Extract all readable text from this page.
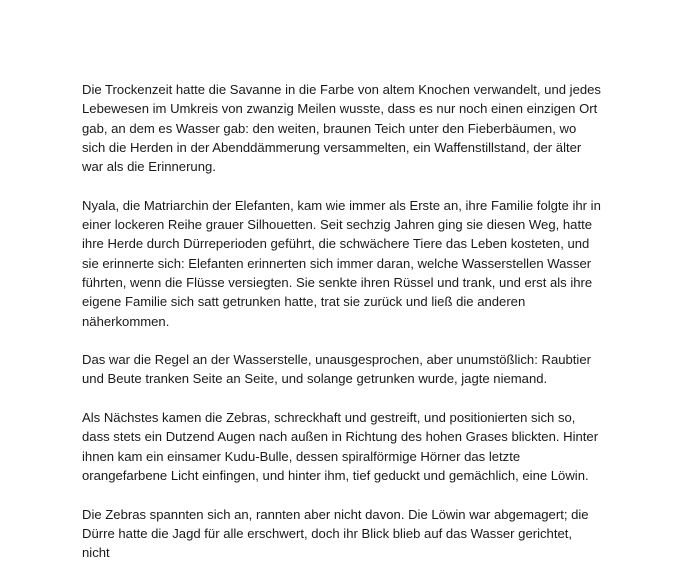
Die Trockenzeit hatte die Savanne in die Farbe von altem Knochen verwandelt, und jedes Lebewesen im Umkreis von zwanzig Meilen wusste, dass es nur noch einen einzigen Ort gab, an dem es Wasser gab: den weiten, braunen Teich unter den Fieberbäumen, wo sich die Herden in der Abenddämmerung versammelten, ein Waffenstillstand, der älter war als die Erinnerung.

Nyala, die Matriarchin der Elefanten, kam wie immer als Erste an, ihre Familie folgte ihr in einer lockeren Reihe grauer Silhouetten. Seit sechzig Jahren ging sie diesen Weg, hatte ihre Herde durch Dürreperioden geführt, die schwächere Tiere das Leben kosteten, und sie erinnerte sich: Elefanten erinnerten sich immer daran, welche Wasserstellen Wasser führten, wenn die Flüsse versiegten. Sie senkte ihren Rüssel und trank, und erst als ihre eigene Familie sich satt getrunken hatte, trat sie zurück und ließ die anderen näherkommen.

Das war die Regel an der Wasserstelle, unausgesprochen, aber unumstößlich: Raubtier und Beute tranken Seite an Seite, und solange getrunken wurde, jagte niemand.

Als Nächstes kamen die Zebras, schreckhaft und gestreift, und positionierten sich so, dass stets ein Dutzend Augen nach außen in Richtung des hohen Grases blickten. Hinter ihnen kam ein einsamer Kudu-Bulle, dessen spiralförmige Hörner das letzte orangefarbene Licht einfingen, und hinter ihm, tief geduckt und gemächlich, eine Löwin.

Die Zebras spannten sich an, rannten aber nicht davon. Die Löwin war abgemagert; die Dürre hatte die Jagd für alle erschwert, doch ihr Blick blieb auf das Wasser gerichtet, nicht
